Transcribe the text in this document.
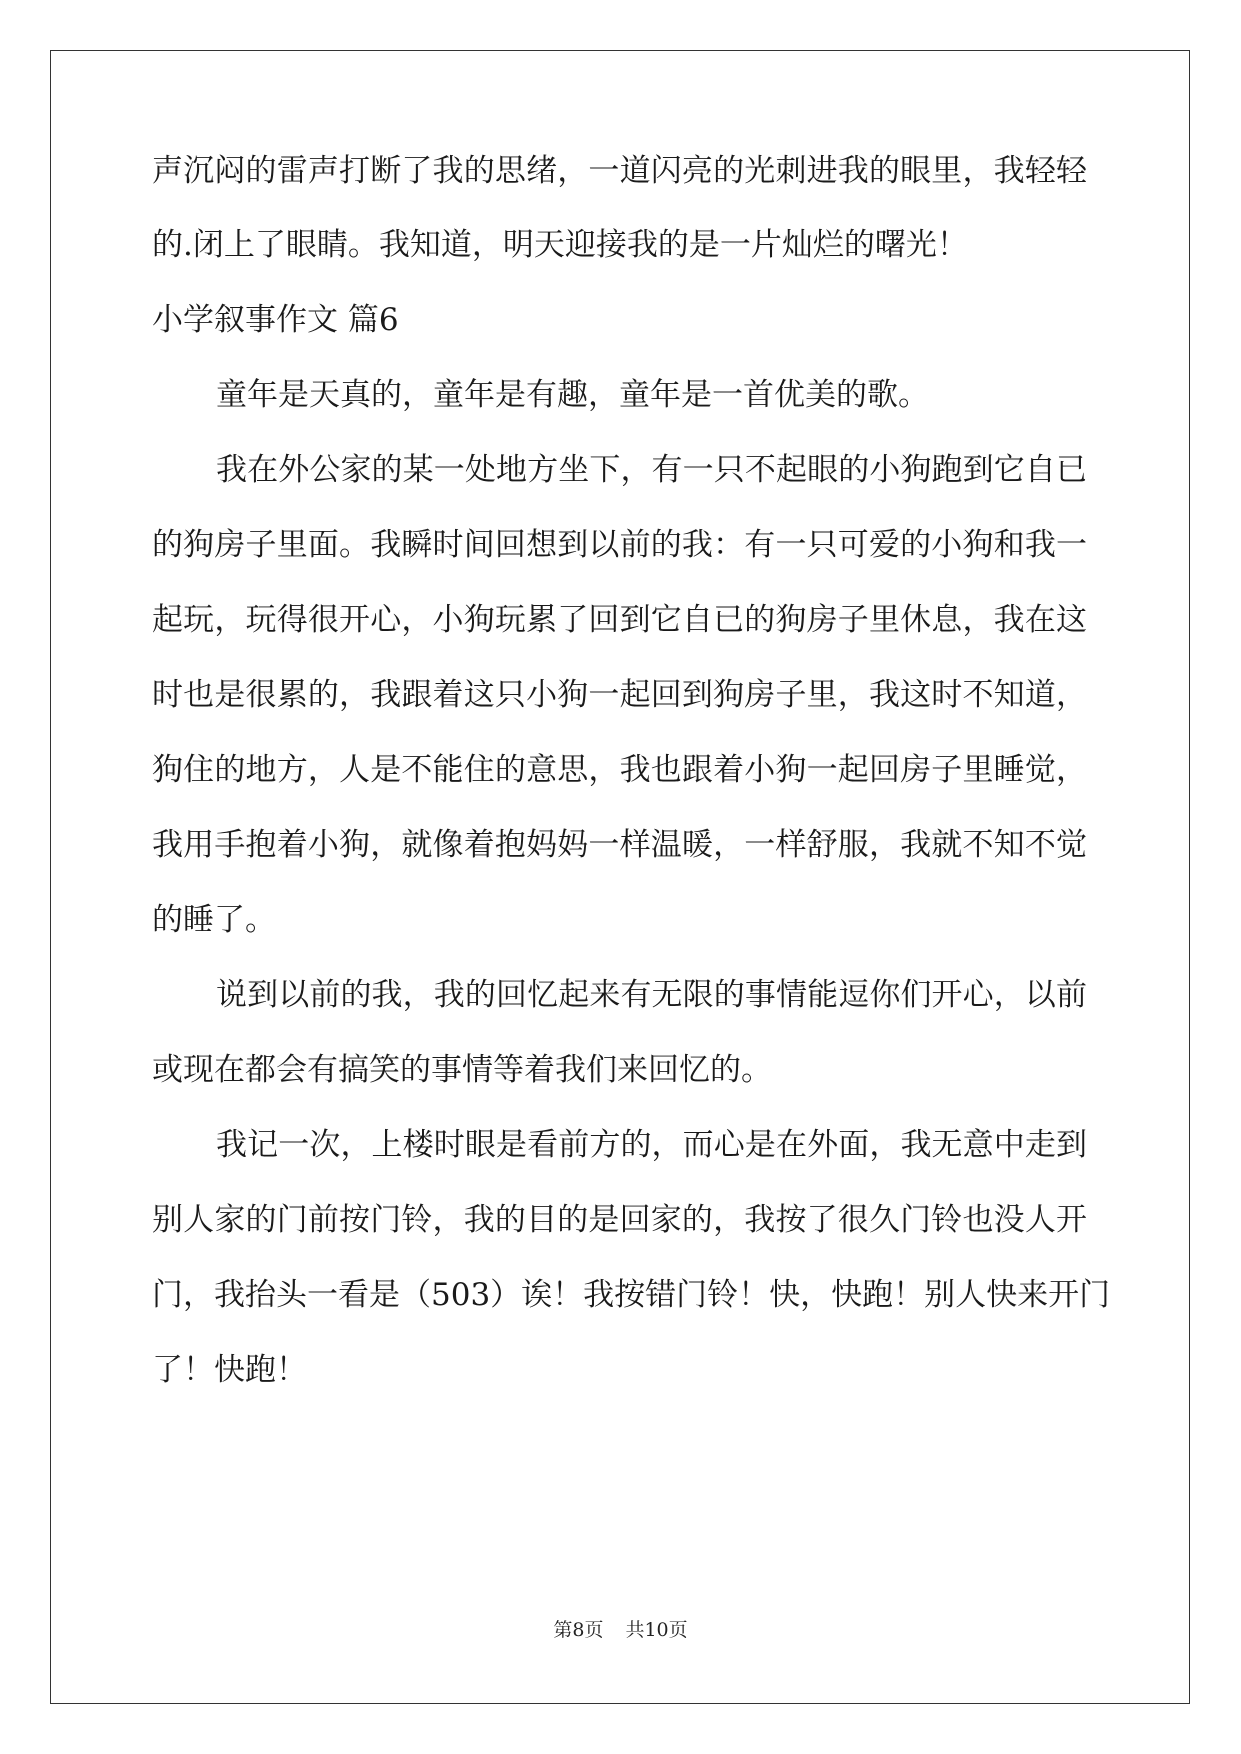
声沉闷的雷声打断了我的思绪，一道闪亮的光刺进我的眼里，我轻轻
的.闭上了眼睛。我知道，明天迎接我的是一片灿烂的曙光！
小学叙事作文 篇6
童年是天真的，童年是有趣，童年是一首优美的歌。
我在外公家的某一处地方坐下，有一只不起眼的小狗跑到它自已
的狗房子里面。我瞬时间回想到以前的我：有一只可爱的小狗和我一
起玩，玩得很开心，小狗玩累了回到它自已的狗房子里休息，我在这
时也是很累的，我跟着这只小狗一起回到狗房子里，我这时不知道，
狗住的地方，人是不能住的意思，我也跟着小狗一起回房子里睡觉，
我用手抱着小狗，就像着抱妈妈一样温暖，一样舒服，我就不知不觉
的睡了。
说到以前的我，我的回忆起来有无限的事情能逗你们开心，以前
或现在都会有搞笑的事情等着我们来回忆的。
我记一次，上楼时眼是看前方的，而心是在外面，我无意中走到
别人家的门前按门铃，我的目的是回家的，我按了很久门铃也没人开
门，我抬头一看是（503）诶！我按错门铃！快，快跑！别人快来开门
了！快跑！
第8页 共10页
